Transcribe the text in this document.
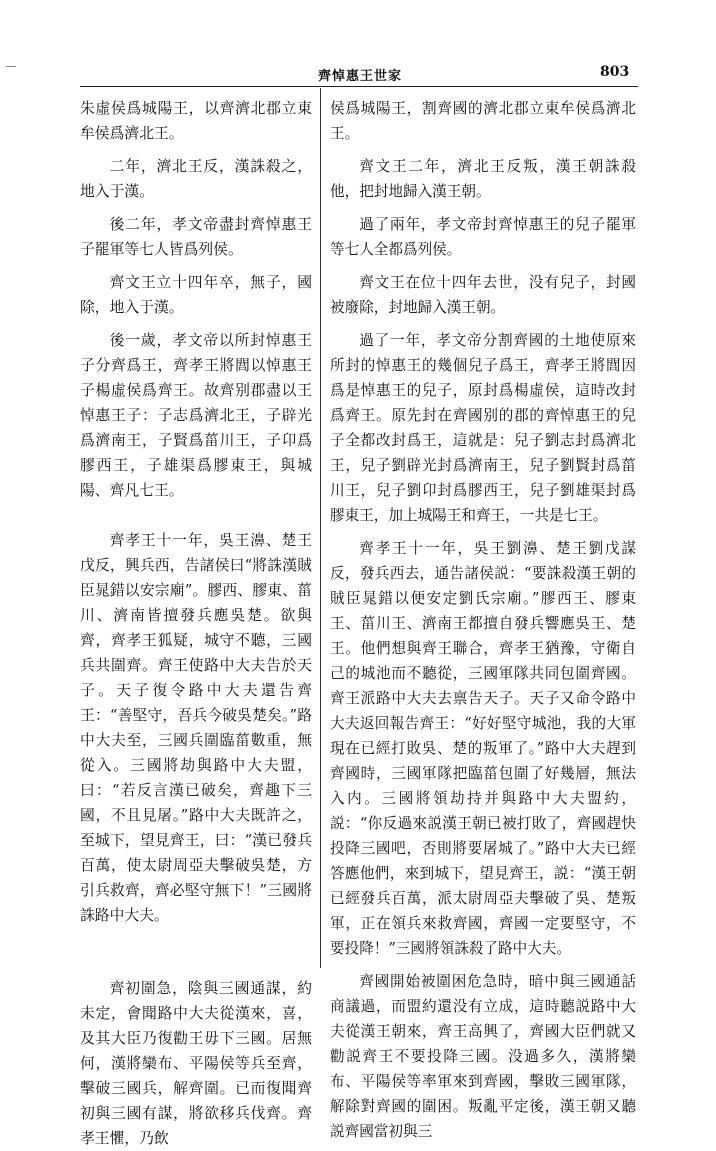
齊悼惠王世家	803

朱虛侯爲城陽王，以齊濟北郡立東牟侯爲濟北王。

二年，濟北王反，漢誅殺之，地入于漢。

後二年，孝文帝盡封齊悼惠王子罷軍等七人皆爲列侯。

齊文王立十四年卒，無子，國除，地入于漢。

後一歲，孝文帝以所封悼惠王子分齊爲王，齊孝王將閭以悼惠王子楊虛侯爲齊王。故齊别郡盡以王悼惠王子：子志爲濟北王，子辟光爲濟南王，子賢爲菑川王，子卬爲膠西王，子雄渠爲膠東王，與城陽、齊凡七王。

齊孝王十一年，吳王濞、楚王戊反，興兵西，告諸侯曰“將誅漢賊臣晁錯以安宗廟”。膠西、膠東、菑川、濟南皆擅發兵應吳楚。欲與齊，齊孝王狐疑，城守不聽，三國兵共圍齊。齊王使路中大夫告於天子。天子復令路中大夫還告齊王：“善堅守，吾兵今破吳楚矣。”路中大夫至，三國兵圍臨菑數重，無從入。三國將劫與路中大夫盟，曰：“若反言漢已破矣，齊趣下三國，不且見屠。”路中大夫既許之，至城下，望見齊王，曰：“漢已發兵百萬，使太尉周亞夫擊破吳楚，方引兵救齊，齊必堅守無下！”三國將誅路中大夫。

齊初圍急，陰與三國通謀，約未定，會聞路中大夫從漢來，喜，及其大臣乃復勸王毋下三國。居無何，漢將欒布、平陽侯等兵至齊，擊破三國兵，解齊圍。已而復聞齊初與三國有謀，將欲移兵伐齊。齊孝王懼，乃飲

侯爲城陽王，割齊國的濟北郡立東牟侯爲濟北王。

齊文王二年，濟北王反叛，漢王朝誅殺他，把封地歸入漢王朝。

過了兩年，孝文帝封齊悼惠王的兒子罷軍等七人全都爲列侯。

齊文王在位十四年去世，没有兒子，封國被廢除，封地歸入漢王朝。

過了一年，孝文帝分割齊國的土地使原來所封的悼惠王的幾個兒子爲王，齊孝王將閭因爲是悼惠王的兒子，原封爲楊虛侯，這時改封爲齊王。原先封在齊國别的郡的齊悼惠王的兒子全都改封爲王，這就是：兒子劉志封爲濟北王，兒子劉辟光封爲濟南王，兒子劉賢封爲菑川王，兒子劉卬封爲膠西王，兒子劉雄渠封爲膠東王，加上城陽王和齊王，一共是七王。

齊孝王十一年，吳王劉濞、楚王劉戊謀反，發兵西去，通告諸侯説：“要誅殺漢王朝的賊臣晁錯以便安定劉氏宗廟。”膠西王、膠東王、菑川王、濟南王都擅自發兵響應吳王、楚王。他們想與齊王聯合，齊孝王猶豫，守衛自己的城池而不聽從，三國軍隊共同包圍齊國。齊王派路中大夫去禀告天子。天子又命令路中大夫返回報告齊王：“好好堅守城池，我的大軍現在已經打敗吳、楚的叛軍了。”路中大夫趕到齊國時，三國軍隊把臨菑包圍了好幾層，無法入内。三國將領劫持并與路中大夫盟約，説：“你反過來説漢王朝已被打敗了，齊國趕快投降三國吧，否則將要屠城了。”路中大夫已經答應他們，來到城下，望見齊王，説：“漢王朝已經發兵百萬，派太尉周亞夫擊破了吳、楚叛軍，正在領兵來救齊國，齊國一定要堅守，不要投降！”三國將領誅殺了路中大夫。

齊國開始被圍困危急時，暗中與三國通話商議過，而盟約還没有立成，這時聽説路中大夫從漢王朝來，齊王高興了，齊國大臣們就又勸説齊王不要投降三國。没過多久，漢將欒布、平陽侯等率軍來到齊國，擊敗三國軍隊，解除對齊國的圍困。叛亂平定後，漢王朝又聽説齊國當初與三
